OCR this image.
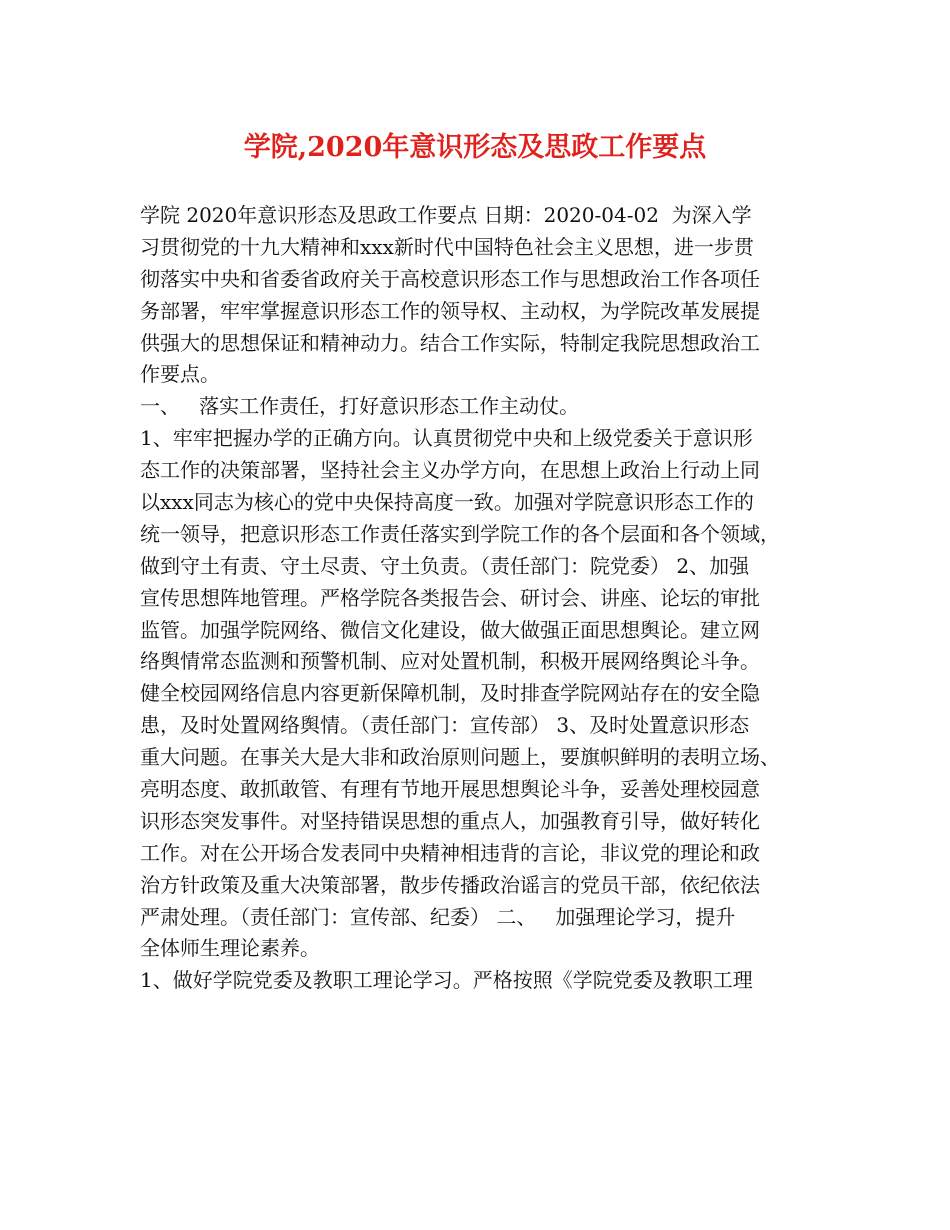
学院,2020年意识形态及思政工作要点
学院 2020年意识形态及思政工作要点 日期：2020-04-02  为深入学
习贯彻党的十九大精神和xxx新时代中国特色社会主义思想，进一步贯
彻落实中央和省委省政府关于高校意识形态工作与思想政治工作各项任
务部署，牢牢掌握意识形态工作的领导权、主动权，为学院改革发展提
供强大的思想保证和精神动力。结合工作实际，特制定我院思想政治工
作要点。
一、   落实工作责任，打好意识形态工作主动仗。
1、牢牢把握办学的正确方向。认真贯彻党中央和上级党委关于意识形
态工作的决策部署，坚持社会主义办学方向，在思想上政治上行动上同
以xxx同志为核心的党中央保持高度一致。加强对学院意识形态工作的
统一领导，把意识形态工作责任落实到学院工作的各个层面和各个领域，
做到守土有责、守土尽责、守土负责。（责任部门：院党委） 2、加强
宣传思想阵地管理。严格学院各类报告会、研讨会、讲座、论坛的审批
监管。加强学院网络、微信文化建设，做大做强正面思想舆论。建立网
络舆情常态监测和预警机制、应对处置机制，积极开展网络舆论斗争。
健全校园网络信息内容更新保障机制，及时排查学院网站存在的安全隐
患，及时处置网络舆情。（责任部门：宣传部） 3、及时处置意识形态
重大问题。在事关大是大非和政治原则问题上，要旗帜鲜明的表明立场、
亮明态度、敢抓敢管、有理有节地开展思想舆论斗争，妥善处理校园意
识形态突发事件。对坚持错误思想的重点人，加强教育引导，做好转化
工作。对在公开场合发表同中央精神相违背的言论，非议党的理论和政
治方针政策及重大决策部署，散步传播政治谣言的党员干部，依纪依法
严肃处理。（责任部门：宣传部、纪委） 二、   加强理论学习，提升
全体师生理论素养。
1、做好学院党委及教职工理论学习。严格按照《学院党委及教职工理
